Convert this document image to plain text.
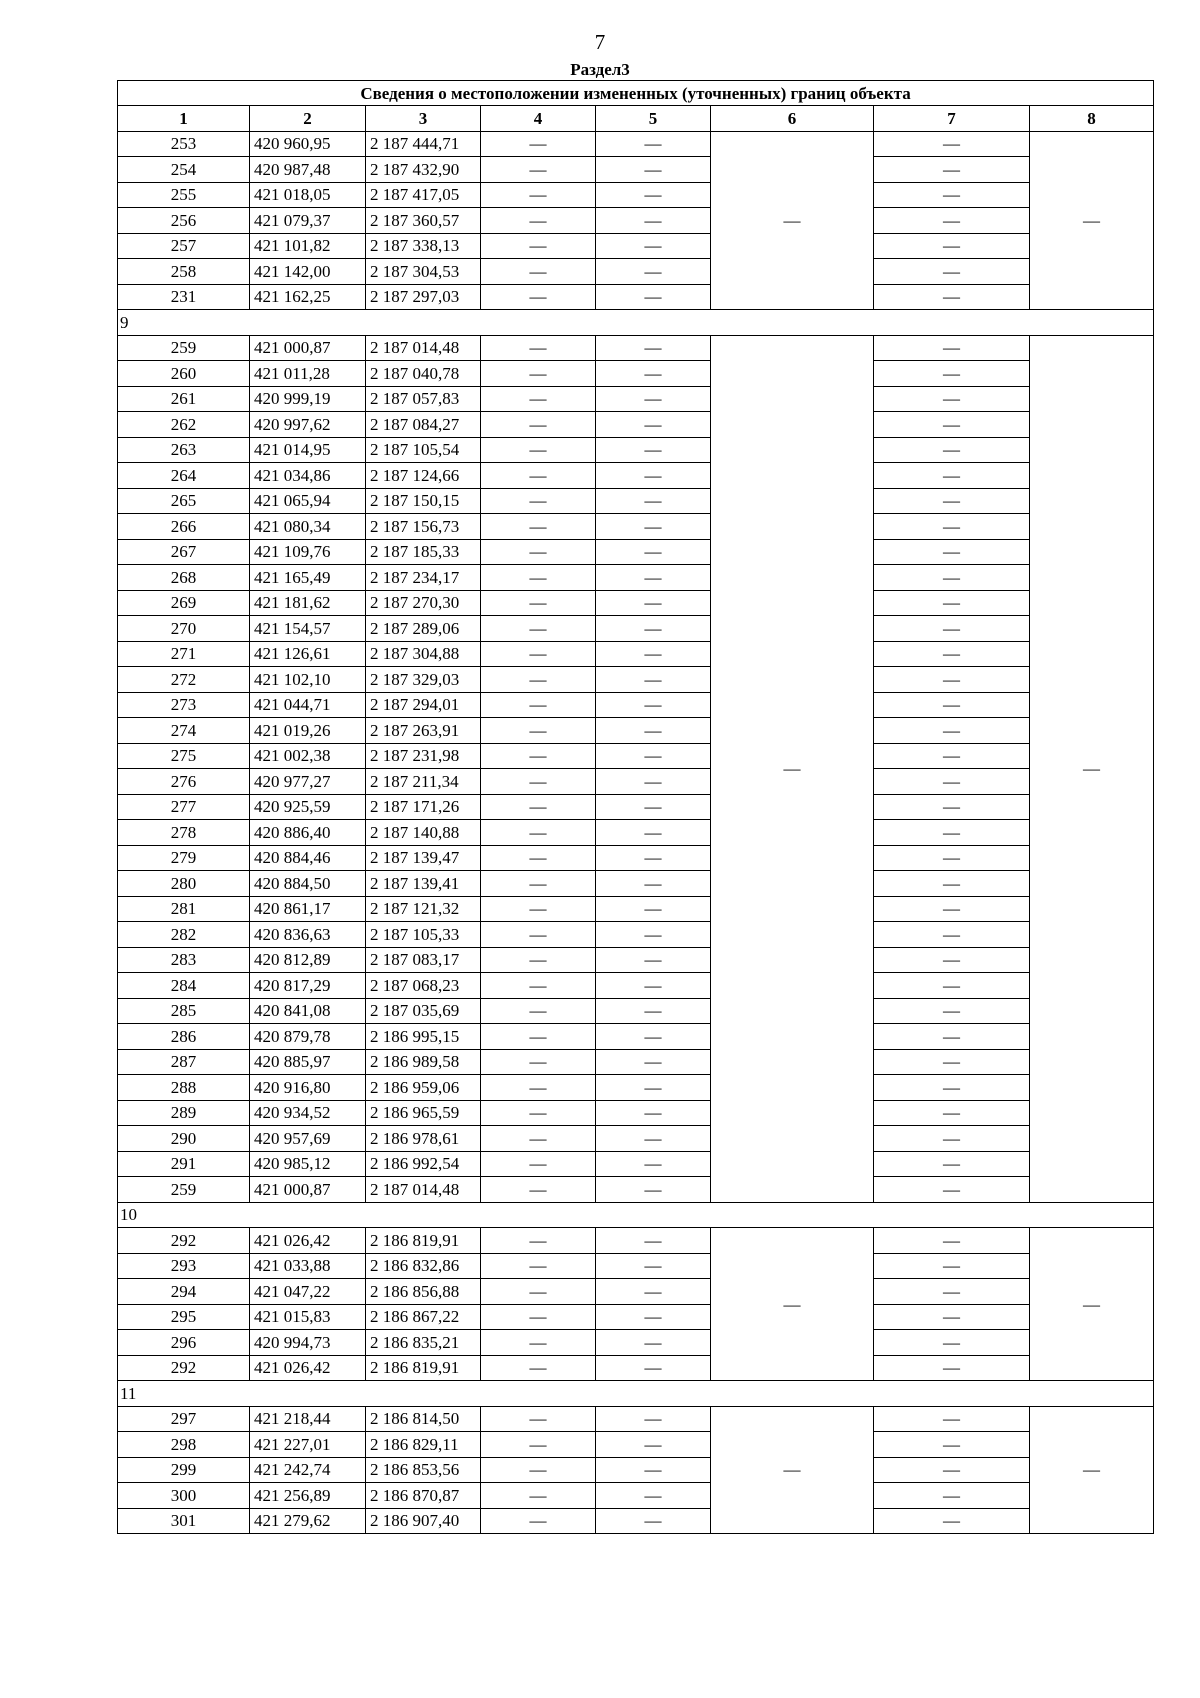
7
Раздел3
Сведения о местоположении измененных (уточненных) границ объекта							
1	2	3	4	5	6	7	8
253	420 960,95	2 187 444,71	—	—	—	—	—
254	420 987,48	2 187 432,90	—	—		—	
255	421 018,05	2 187 417,05	—	—		—	
256	421 079,37	2 187 360,57	—	—		—	
257	421 101,82	2 187 338,13	—	—		—	
258	421 142,00	2 187 304,53	—	—		—	
231	421 162,25	2 187 297,03	—	—		—	
9							
259	421 000,87	2 187 014,48	—	—	—	—	—
260	421 011,28	2 187 040,78	—	—		—	
261	420 999,19	2 187 057,83	—	—		—	
262	420 997,62	2 187 084,27	—	—		—	
263	421 014,95	2 187 105,54	—	—		—	
264	421 034,86	2 187 124,66	—	—		—	
265	421 065,94	2 187 150,15	—	—		—	
266	421 080,34	2 187 156,73	—	—		—	
267	421 109,76	2 187 185,33	—	—		—	
268	421 165,49	2 187 234,17	—	—		—	
269	421 181,62	2 187 270,30	—	—		—	
270	421 154,57	2 187 289,06	—	—		—	
271	421 126,61	2 187 304,88	—	—		—	
272	421 102,10	2 187 329,03	—	—		—	
273	421 044,71	2 187 294,01	—	—		—	
274	421 019,26	2 187 263,91	—	—		—	
275	421 002,38	2 187 231,98	—	—		—	
276	420 977,27	2 187 211,34	—	—		—	
277	420 925,59	2 187 171,26	—	—		—	
278	420 886,40	2 187 140,88	—	—		—	
279	420 884,46	2 187 139,47	—	—		—	
280	420 884,50	2 187 139,41	—	—		—	
281	420 861,17	2 187 121,32	—	—		—	
282	420 836,63	2 187 105,33	—	—		—	
283	420 812,89	2 187 083,17	—	—		—	
284	420 817,29	2 187 068,23	—	—		—	
285	420 841,08	2 187 035,69	—	—		—	
286	420 879,78	2 186 995,15	—	—		—	
287	420 885,97	2 186 989,58	—	—		—	
288	420 916,80	2 186 959,06	—	—		—	
289	420 934,52	2 186 965,59	—	—		—	
290	420 957,69	2 186 978,61	—	—		—	
291	420 985,12	2 186 992,54	—	—		—	
259	421 000,87	2 187 014,48	—	—		—	
10							
292	421 026,42	2 186 819,91	—	—	—	—	—
293	421 033,88	2 186 832,86	—	—		—	
294	421 047,22	2 186 856,88	—	—		—	
295	421 015,83	2 186 867,22	—	—		—	
296	420 994,73	2 186 835,21	—	—		—	
292	421 026,42	2 186 819,91	—	—		—	
11							
297	421 218,44	2 186 814,50	—	—	—	—	—
298	421 227,01	2 186 829,11	—	—		—	
299	421 242,74	2 186 853,56	—	—		—	
300	421 256,89	2 186 870,87	—	—		—	
301	421 279,62	2 186 907,40	—	—		—	
